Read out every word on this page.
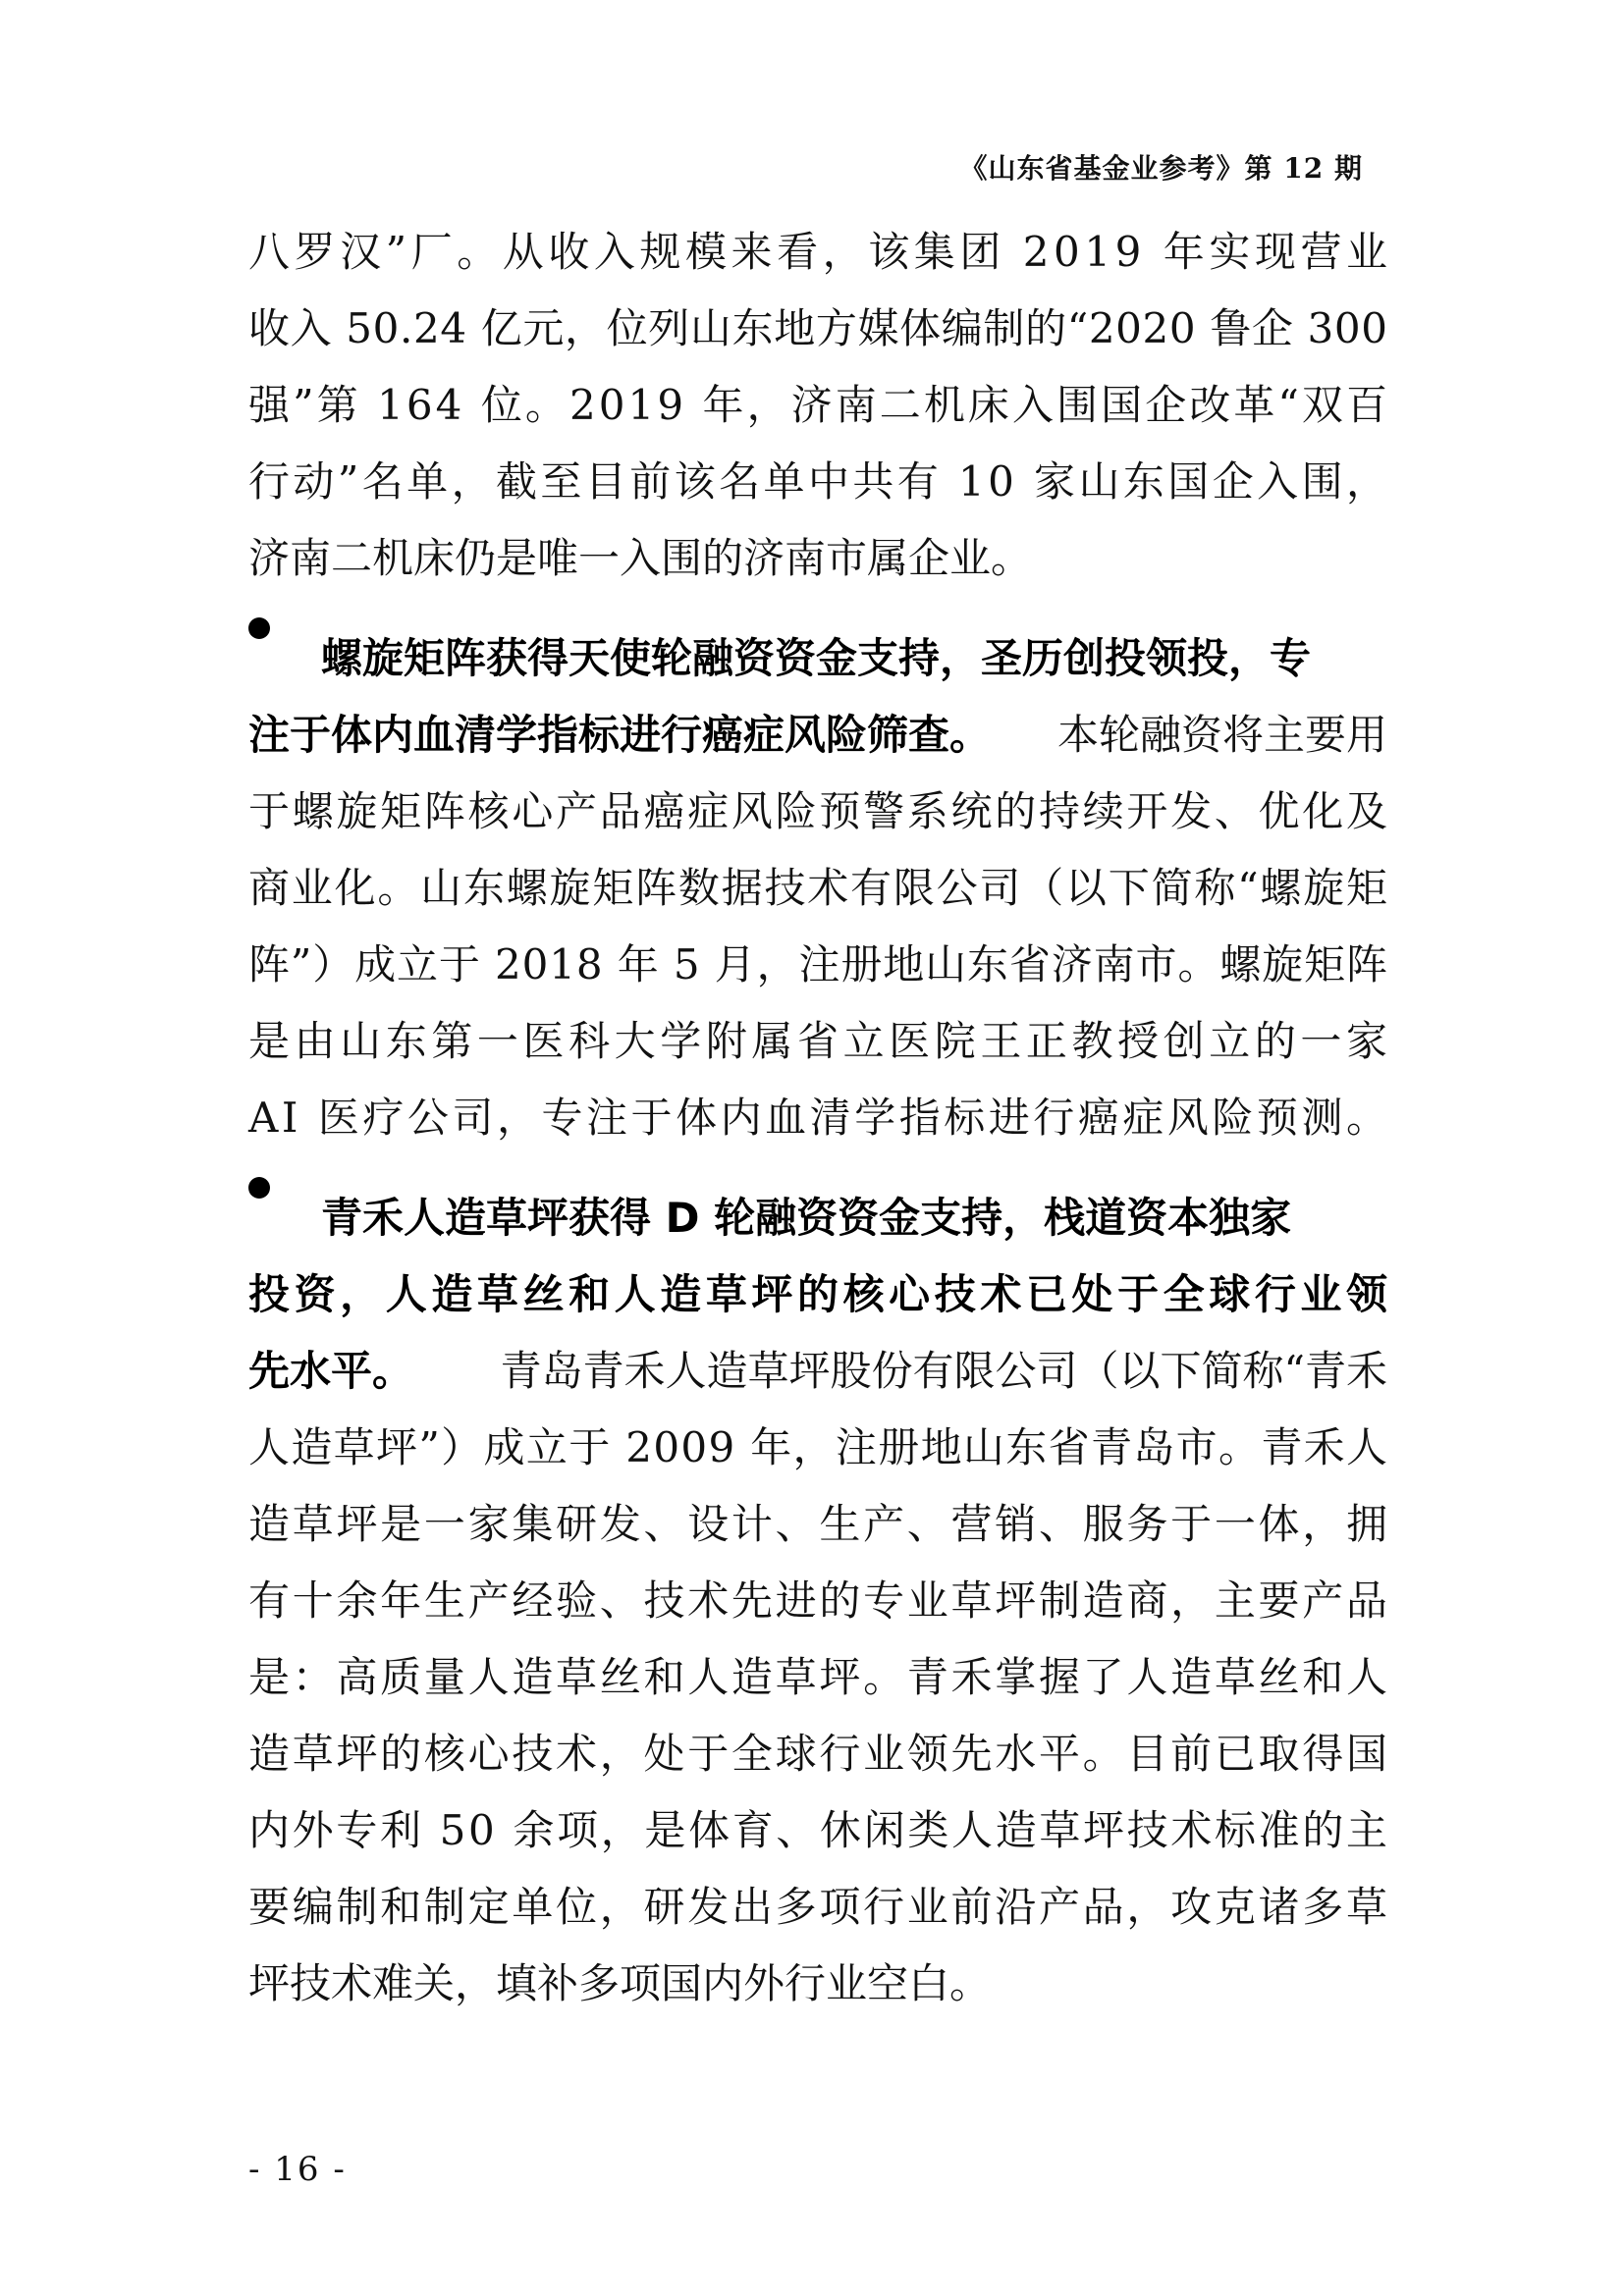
《山东省基金业参考》第 12 期
八罗汉”厂。从收入规模来看，该集团 2019 年实现营业
收入 50.24 亿元，位列山东地方媒体编制的“2020 鲁企 300
强”第 164 位。2019 年，济南二机床入围国企改革“双百
行动”名单，截至目前该名单中共有 10 家山东国企入围，
济南二机床仍是唯一入围的济南市属企业。
螺旋矩阵获得天使轮融资资金支持，圣历创投领投，专
注于体内血清学指标进行癌症风险筛查。 本轮融资将主要用
于螺旋矩阵核心产品癌症风险预警系统的持续开发、优化及
商业化。山东螺旋矩阵数据技术有限公司（以下简称“螺旋矩
阵”）成立于 2018 年 5 月，注册地山东省济南市。螺旋矩阵
是由山东第一医科大学附属省立医院王正教授创立的一家
AI 医疗公司，专注于体内血清学指标进行癌症风险预测。
青禾人造草坪获得 D 轮融资资金支持，栈道资本独家
投资，人造草丝和人造草坪的核心技术已处于全球行业领
先水平。 青岛青禾人造草坪股份有限公司（以下简称“青禾
人造草坪”）成立于 2009 年，注册地山东省青岛市。青禾人
造草坪是一家集研发、设计、生产、营销、服务于一体，拥
有十余年生产经验、技术先进的专业草坪制造商，主要产品
是：高质量人造草丝和人造草坪。青禾掌握了人造草丝和人
造草坪的核心技术，处于全球行业领先水平。目前已取得国
内外专利 50 余项，是体育、休闲类人造草坪技术标准的主
要编制和制定单位，研发出多项行业前沿产品，攻克诸多草
坪技术难关，填补多项国内外行业空白。
- 16 -
